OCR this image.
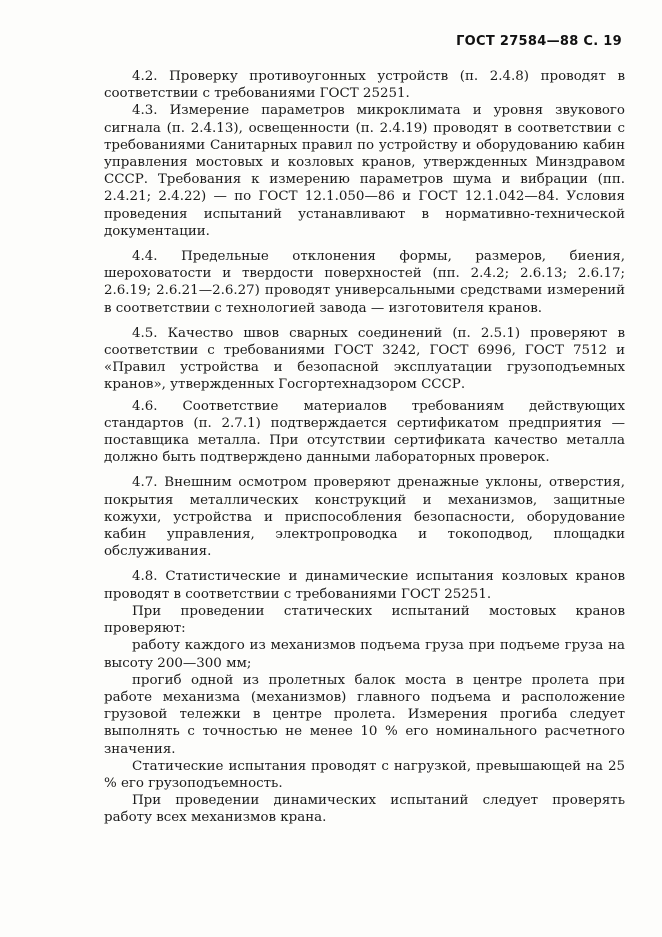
ГОСТ 27584—88 С. 19

4.2. Проверку противоугонных устройств (п. 2.4.8) проводят в соответствии с требованиями ГОСТ 25251.

4.3. Измерение параметров микроклимата и уровня звукового сигнала (п. 2.4.13), освещенности (п. 2.4.19) проводят в соответствии с требованиями Санитарных правил по устройству и оборудованию кабин управления мостовых и козловых кранов, утвержденных Минздравом СССР. Требования к измерению параметров шума и вибрации (пп. 2.4.21; 2.4.22) — по ГОСТ 12.1.050—86 и ГОСТ 12.1.042—84. Условия проведения испытаний устанавливают в нормативно-технической документации.

4.4. Предельные отклонения формы, размеров, биения, шероховатости и твердости поверхностей (пп. 2.4.2; 2.6.13; 2.6.17; 2.6.19; 2.6.21—2.6.27) проводят универсальными средствами измерений в соответствии с технологией завода — изготовителя кранов.

4.5. Качество швов сварных соединений (п. 2.5.1) проверяют в соответствии с требованиями ГОСТ 3242, ГОСТ 6996, ГОСТ 7512 и «Правил устройства и безопасной эксплуатации грузоподъемных кранов», утвержденных Госгортехнадзором СССР.

4.6. Соответствие материалов требованиям действующих стандартов (п. 2.7.1) подтверждается сертификатом предприятия — поставщика металла. При отсутствии сертификата качество металла должно быть подтверждено данными лабораторных проверок.

4.7. Внешним осмотром проверяют дренажные уклоны, отверстия, покрытия металлических конструкций и механизмов, защитные кожухи, устройства и приспособления безопасности, оборудование кабин управления, электропроводка и токоподвод, площадки обслуживания.

4.8. Статистические и динамические испытания козловых кранов проводят в соответствии с требованиями ГОСТ 25251.

При проведении статических испытаний мостовых кранов проверяют:

работу каждого из механизмов подъема груза при подъеме груза на высоту 200—300 мм;

прогиб одной из пролетных балок моста в центре пролета при работе механизма (механизмов) главного подъема и расположение грузовой тележки в центре пролета. Измерения прогиба следует выполнять с точностью не менее 10 % его номинального расчетного значения.

Статические испытания проводят с нагрузкой, превышающей на 25 % его грузоподъемность.

При проведении динамических испытаний следует проверять работу всех механизмов крана.
